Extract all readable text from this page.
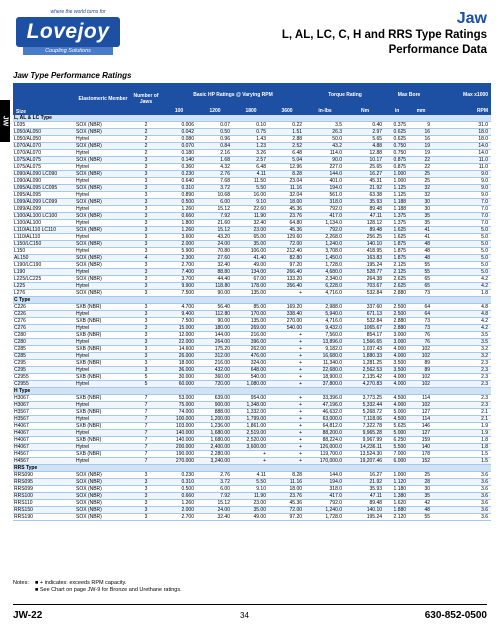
where the world turns for
Lovejoy
Coupling Solutions
Jaw
L, AL, LC, C, H and RRS Type Ratings
Performance Data
JW
Jaw Type Performance Ratings
Size	Elastomeric Member	Number of Jaws	Basic HP Ratings @ Varying RPM				Torque Rating		Max Bore		Max x1000	
			100	1200	1800	3600	in-lbs	Nm	in	mm		RPM
L, AL & LC Type												
L035	SOX (NBR)	2	0.006	0.07	0.10	0.22	3.5	0.40	0.375	9		31.0
L050/AL050	SOX (NBR)	2	0.042	0.50	0.75	1.51	26.3	2.97	0.625	16		18.0
L050/AL050	Hytrel	2	0.080	0.96	1.43	2.88	50.0	5.65	0.625	16		18.0
L070/AL070	SOX (NBR)	2	0.070	0.84	1.23	2.52	43.2	4.88	0.750	19		14.0
L070/AL070	Hytrel	2	0.180	2.16	3.26	6.48	114.0	12.88	0.750	19		14.0
L075/AL075	SOX (NBR)	3	0.140	1.68	2.57	5.04	90.0	10.17	0.875	22		11.0
L075/AL075	Hytrel	3	0.360	4.32	6.48	12.96	227.0	25.65	0.875	22		11.0
L090/AL090 LC090	SOX (NBR)	3	0.230	2.76	4.11	8.28	144.0	16.27	1.000	25		9.0
L090/AL090	Hytrel	3	0.640	7.68	11.50	23.04	401.0	45.31	1.000	25		9.0
L095/AL095 LC095	SOX (NBR)	3	0.310	3.72	5.50	11.16	194.0	21.92	1.125	32		9.0
L095/AL095	Hytrel	3	0.890	10.68	16.00	32.04	561.0	63.38	1.125	32		9.0
L099/AL099 LC099	SOX (NBR)	3	0.500	6.00	9.10	18.00	318.0	35.93	1.188	30		7.0
L099/AL099	Hytrel	3	1.260	15.12	22.60	45.36	792.0	89.48	1.188	30		7.0
L100/AL100 LC100	SOX (NBR)	3	0.660	7.92	11.90	23.76	417.0	47.11	1.375	35		7.0
L100/AL100	Hytrel	3	1.800	21.60	32.40	64.80	1,134.0	128.12	1.375	35		7.0
L110/AL110 LC110	SOX (NBR)	3	1.260	15.12	23.00	45.36	792.0	89.48	1.625	41		5.0
L110/AL110	Hytrel	3	3.600	43.20	65.00	129.60	2,268.0	256.25	1.625	41		5.0
L150/LC150	SOX (NBR)	3	2.000	24.00	35.00	72.00	1,240.0	140.10	1.875	48		5.0
L150	Hytrel	3	5.900	70.80	106.00	212.40	3,708.0	418.95	1.875	48		5.0
AL150	SOX (NBR)	4	2.300	27.60	41.40	82.80	1,450.0	163.83	1.875	48		5.0
L190/LC190	SOX (NBR)	3	2.700	32.40	49.00	97.20	1,728.0	195.24	2.125	55		5.0
L190	Hytrel	3	7.400	88.80	134.00	266.40	4,680.0	528.77	2.125	55		5.0
L225/LC225	SOX (NBR)	3	3.700	44.40	67.00	133.20	2,340.0	264.38	2.625	65		4.2
L225	Hytrel	3	9.900	118.80	178.00	356.40	6,228.0	703.67	2.625	65		4.2
L276	SOX (NBR)	3	7.500	90.00	135.00	+	4,716.0	532.84	2.880	73		1.8
C Type												
C226	SXB (NBR)	3	4.700	56.40	85.00	169.20	2,988.0	337.60	2.500	64		4.8
C226	Hytrel	3	9.400	112.80	170.00	338.40	5,940.0	671.13	2.500	64		4.8
C276	SXB (NBR)	3	7.500	90.00	135.00	270.00	4,716.0	532.84	2.880	73		4.2
C276	Hytrel	3	15.000	180.00	269.00	540.00	9,432.0	1065.67	2.880	73		4.2
C280	SXB (NBR)	3	12.000	144.00	216.00	+	7,560.0	854.17	3.000	76		3.5
C280	Hytrel	3	22.000	264.00	396.00	+	13,896.0	1,566.65	3.000	76		3.5
C285	SXB (NBR)	3	14.600	175.20	262.00	+	9,182.0	1,037.43	4.000	102		3.2
C285	Hytrel	3	26.000	312.00	476.00	+	16,680.0	1,880.33	4.000	102		3.2
C295	SXB (NBR)	3	18.000	216.00	324.00	+	11,340.0	1,281.25	3.500	89		2.3
C295	Hytrel	3	36.000	432.00	648.00	+	22,680.0	2,562.53	3.500	89		2.3
C2955	SXB (NBR)	5	30.000	360.00	540.00	+	18,900.0	2,135.42	4.000	102		2.3
C2955	Hytrel	5	60.000	720.00	1,080.00	+	37,800.0	4,270.83	4.000	102		2.3
H Type												
H3067	SXB (NBR)	7	53.000	639.00	954.00	+	33,396.0	3,773.25	4.500	114		2.3
H3067	Hytrel	7	75.000	900.00	1,348.00	+	47,196.0	5,332.44	4.000	102		2.3
H3567	SXB (NBR)	7	74.000	888.00	1,332.00	+	46,632.0	5,268.72	5.000	127		2.1
H3567	Hytrel	7	100.000	1,200.00	1,799.00	+	63,000.0	7,118.06	4.500	114		2.1
H4067	SXB (NBR)	7	103.000	1,236.00	1,861.00	+	64,812.0	7,322.78	5.625	146		1.9
H4067	Hytrel	7	140.000	1,680.00	2,519.00	+	88,200.0	9,965.28	5.000	127		1.9
H4067	SXB (NBR)	7	140.000	1,680.00	2,520.00	+	88,224.0	9,967.99	6.250	159		1.8
H4067	Hytrel	7	200.000	2,400.00	3,600.00	+	126,000.0	14,236.11	5.500	140		1.8
H4567	SXB (NBR)	7	190.000	2,280.00	+	+	119,700.0	13,524.30	7.000	178		1.5
H4567	Hytrel	7	270.000	3,240.00	+	+	170,000.0	19,207.46	6.000	152		1.5
RRS Type												
RRS090	SOX (NBR)	3	0.230	2.76	4.11	8.28	144.0	16.27	1.000	25		3.6
RRS095	SOX (NBR)	3	0.310	3.72	5.50	11.16	194.0	21.92	1.120	28		3.6
RRS099	SOX (NBR)	3	0.500	6.00	9.10	18.00	318.0	35.93	1.180	30		3.6
RRS100	SOX (NBR)	3	0.660	7.92	11.90	23.76	417.0	47.11	1.380	35		3.6
RRS110	SOX (NBR)	3	1.260	15.12	23.00	45.36	792.0	89.48	1.620	42		3.6
RRS150	SOX (NBR)	3	2.000	24.00	35.00	72.00	1,240.0	140.10	1.880	48		3.6
RRS190	SOX (NBR)	3	2.700	32.40	49.00	97.20	1,728.0	195.24	2.120	55		3.6
Notes: ■ + indicates: exceeds RPM capacity.
■ See Chart on page JW-9 for Bronze and Urethane ratings.
JW-22	34	630-852-0500
